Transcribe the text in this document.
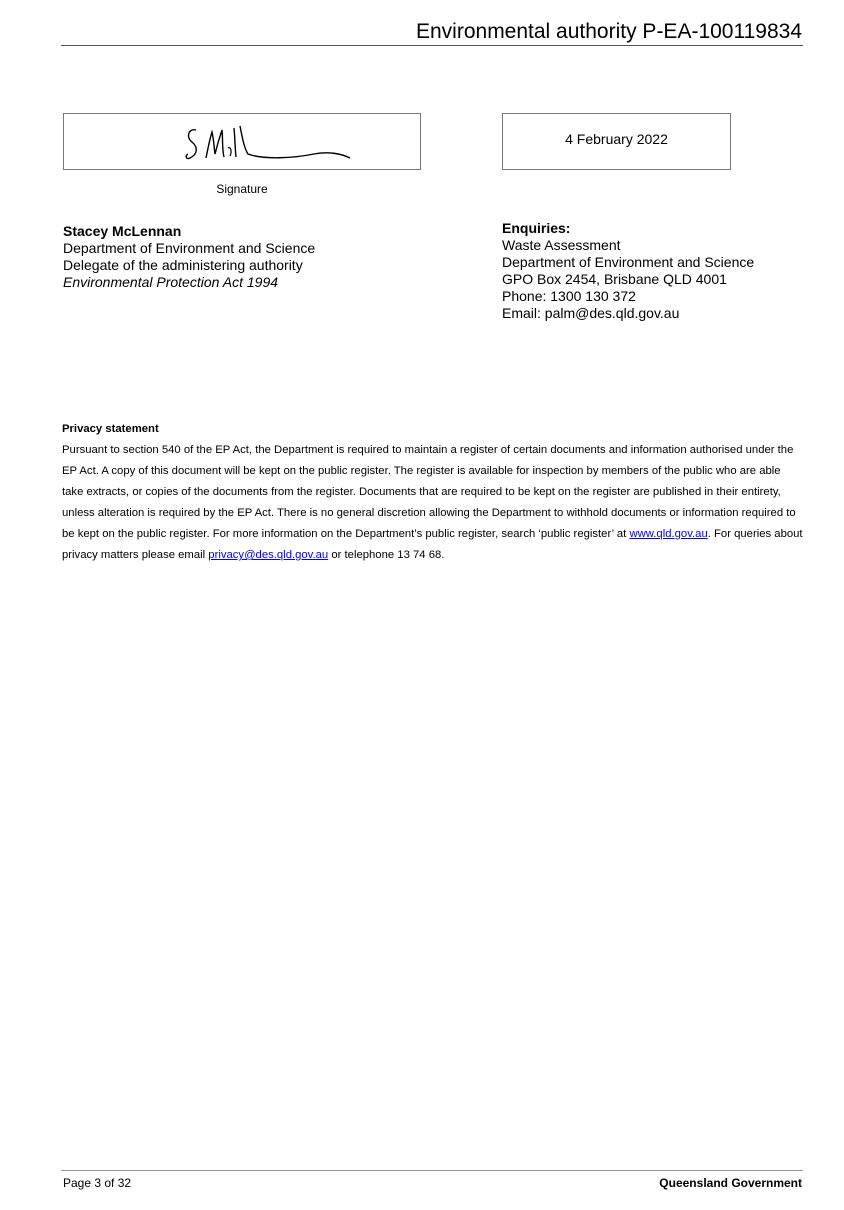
Environmental authority P-EA-100119834
Signature
4 February 2022
Stacey McLennan
Department of Environment and Science
Delegate of the administering authority
Environmental Protection Act 1994
Enquiries:
Waste Assessment
Department of Environment and Science
GPO Box 2454, Brisbane QLD 4001
Phone: 1300 130 372
Email: palm@des.qld.gov.au
Privacy statement
Pursuant to section 540 of the EP Act, the Department is required to maintain a register of certain documents and information authorised under the EP Act. A copy of this document will be kept on the public register. The register is available for inspection by members of the public who are able take extracts, or copies of the documents from the register. Documents that are required to be kept on the register are published in their entirety, unless alteration is required by the EP Act. There is no general discretion allowing the Department to withhold documents or information required to be kept on the public register. For more information on the Department’s public register, search ‘public register’ at www.qld.gov.au. For queries about privacy matters please email privacy@des.qld.gov.au or telephone 13 74 68.
Page 3 of 32	Queensland Government
